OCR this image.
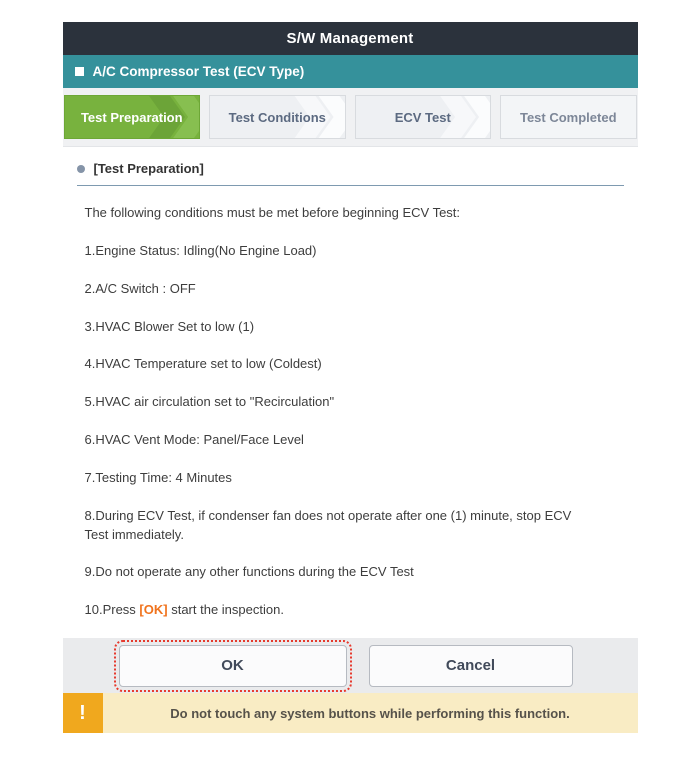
S/W Management
A/C Compressor Test (ECV Type)
Test Preparation	Test Conditions	ECV Test	Test Completed
[Test Preparation]

The following conditions must be met before beginning ECV Test:

1.Engine Status: Idling(No Engine Load)

2.A/C Switch : OFF

3.HVAC Blower Set to low (1)

4.HVAC Temperature set to low (Coldest)

5.HVAC air circulation set to "Recirculation"

6.HVAC Vent Mode: Panel/Face Level

7.Testing Time: 4 Minutes

8.During ECV Test, if condenser fan does not operate after one (1) minute, stop ECV Test immediately.

9.Do not operate any other functions during the ECV Test

10.Press [OK] start the inspection.

OK	Cancel
!	Do not touch any system buttons while performing this function.
